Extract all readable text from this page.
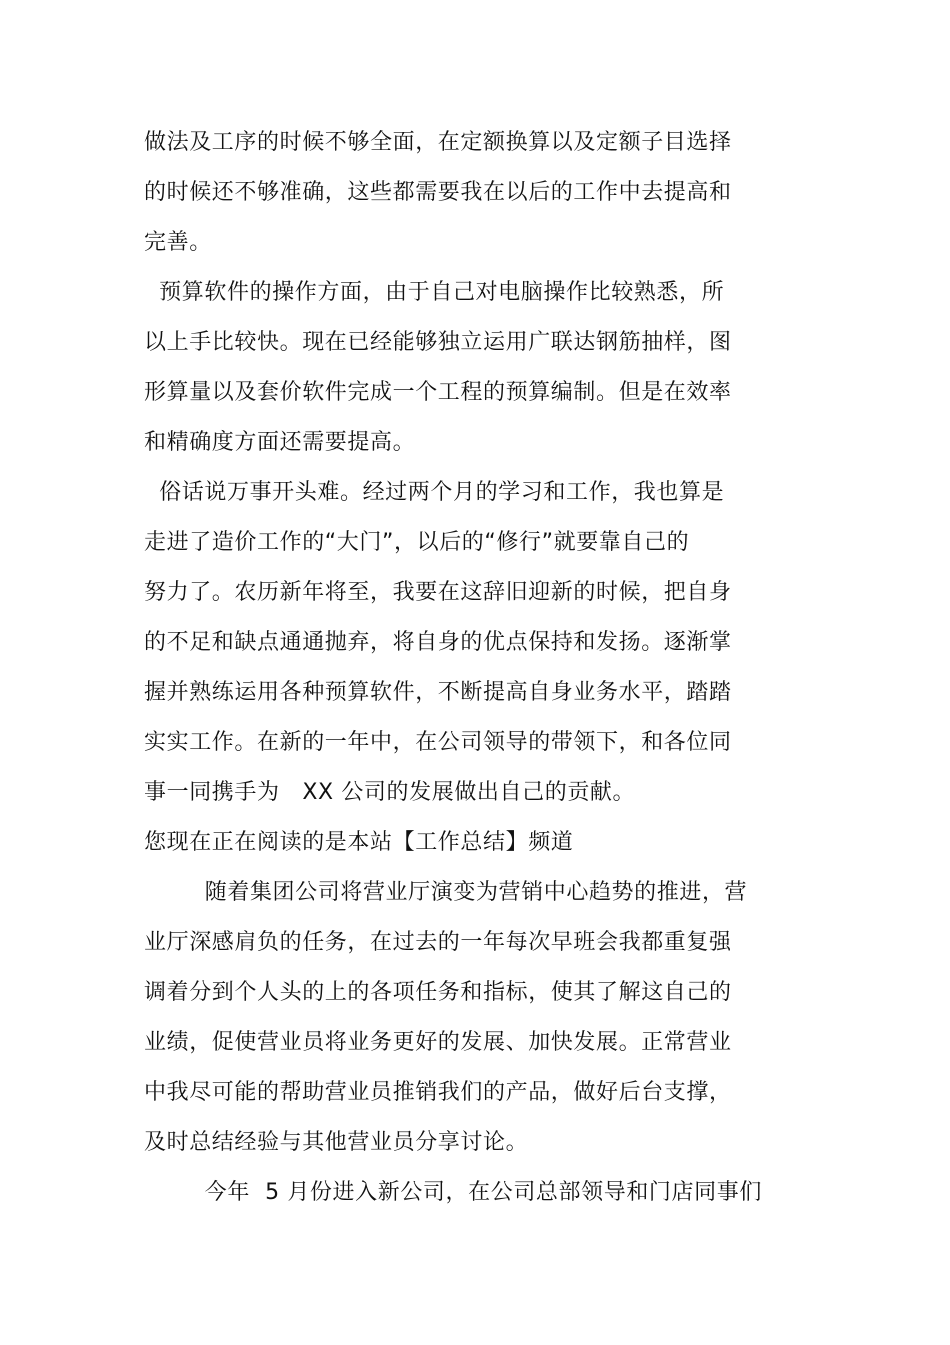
做法及工序的时候不够全面，在定额换算以及定额子目选择
的时候还不够准确，这些都需要我在以后的工作中去提高和
完善。
预算软件的操作方面，由于自己对电脑操作比较熟悉，所
以上手比较快。现在已经能够独立运用广联达钢筋抽样，图
形算量以及套价软件完成一个工程的预算编制。但是在效率
和精确度方面还需要提高。
俗话说万事开头难。经过两个月的学习和工作，我也算是
走进了造价工作的“大门”，以后的“修行”就要靠自己的
努力了。农历新年将至，我要在这辞旧迎新的时候，把自身
的不足和缺点通通抛弃，将自身的优点保持和发扬。逐渐掌
握并熟练运用各种预算软件，不断提高自身业务水平，踏踏
实实工作。在新的一年中，在公司领导的带领下，和各位同
事一同携手为   XX 公司的发展做出自己的贡献。
您现在正在阅读的是本站【工作总结】频道
随着集团公司将营业厅演变为营销中心趋势的推进，营
业厅深感肩负的任务，在过去的一年每次早班会我都重复强
调着分到个人头的上的各项任务和指标，使其了解这自己的
业绩，促使营业员将业务更好的发展、加快发展。正常营业
中我尽可能的帮助营业员推销我们的产品，做好后台支撑，
及时总结经验与其他营业员分享讨论。
今年  5 月份进入新公司，在公司总部领导和门店同事们
